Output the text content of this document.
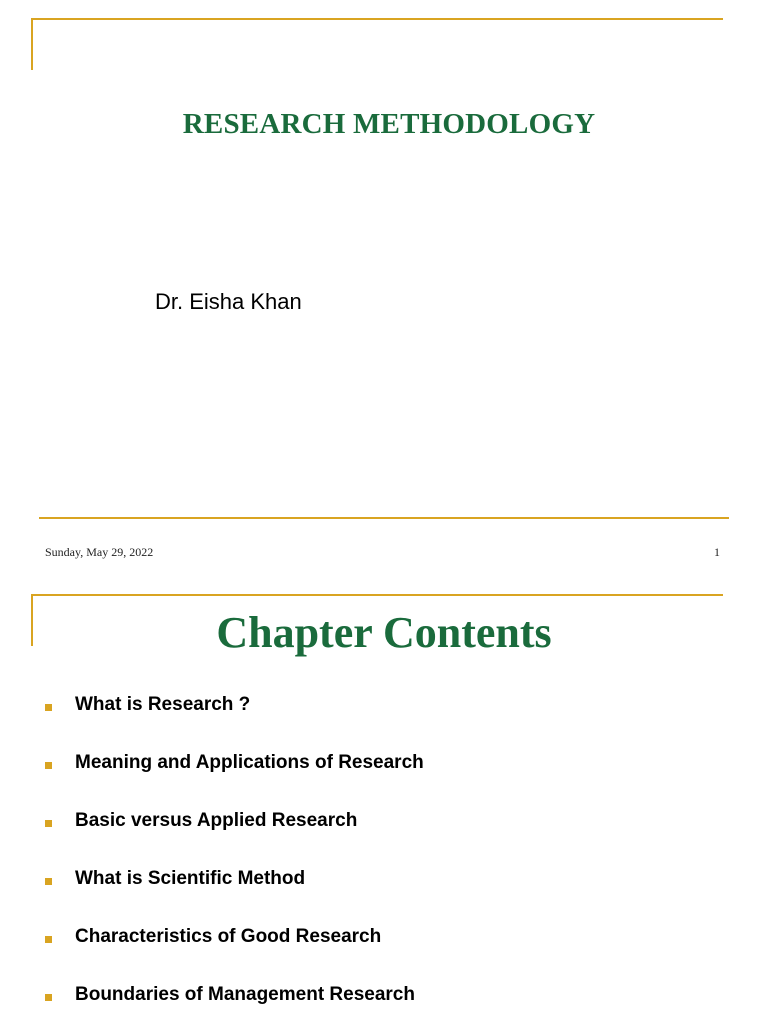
RESEARCH METHODOLOGY
Dr. Eisha Khan
Sunday, May 29, 2022	1
Chapter Contents
What is Research ?
Meaning and Applications of Research
Basic versus Applied Research
What is Scientific Method
Characteristics of Good Research
Boundaries of Management Research
